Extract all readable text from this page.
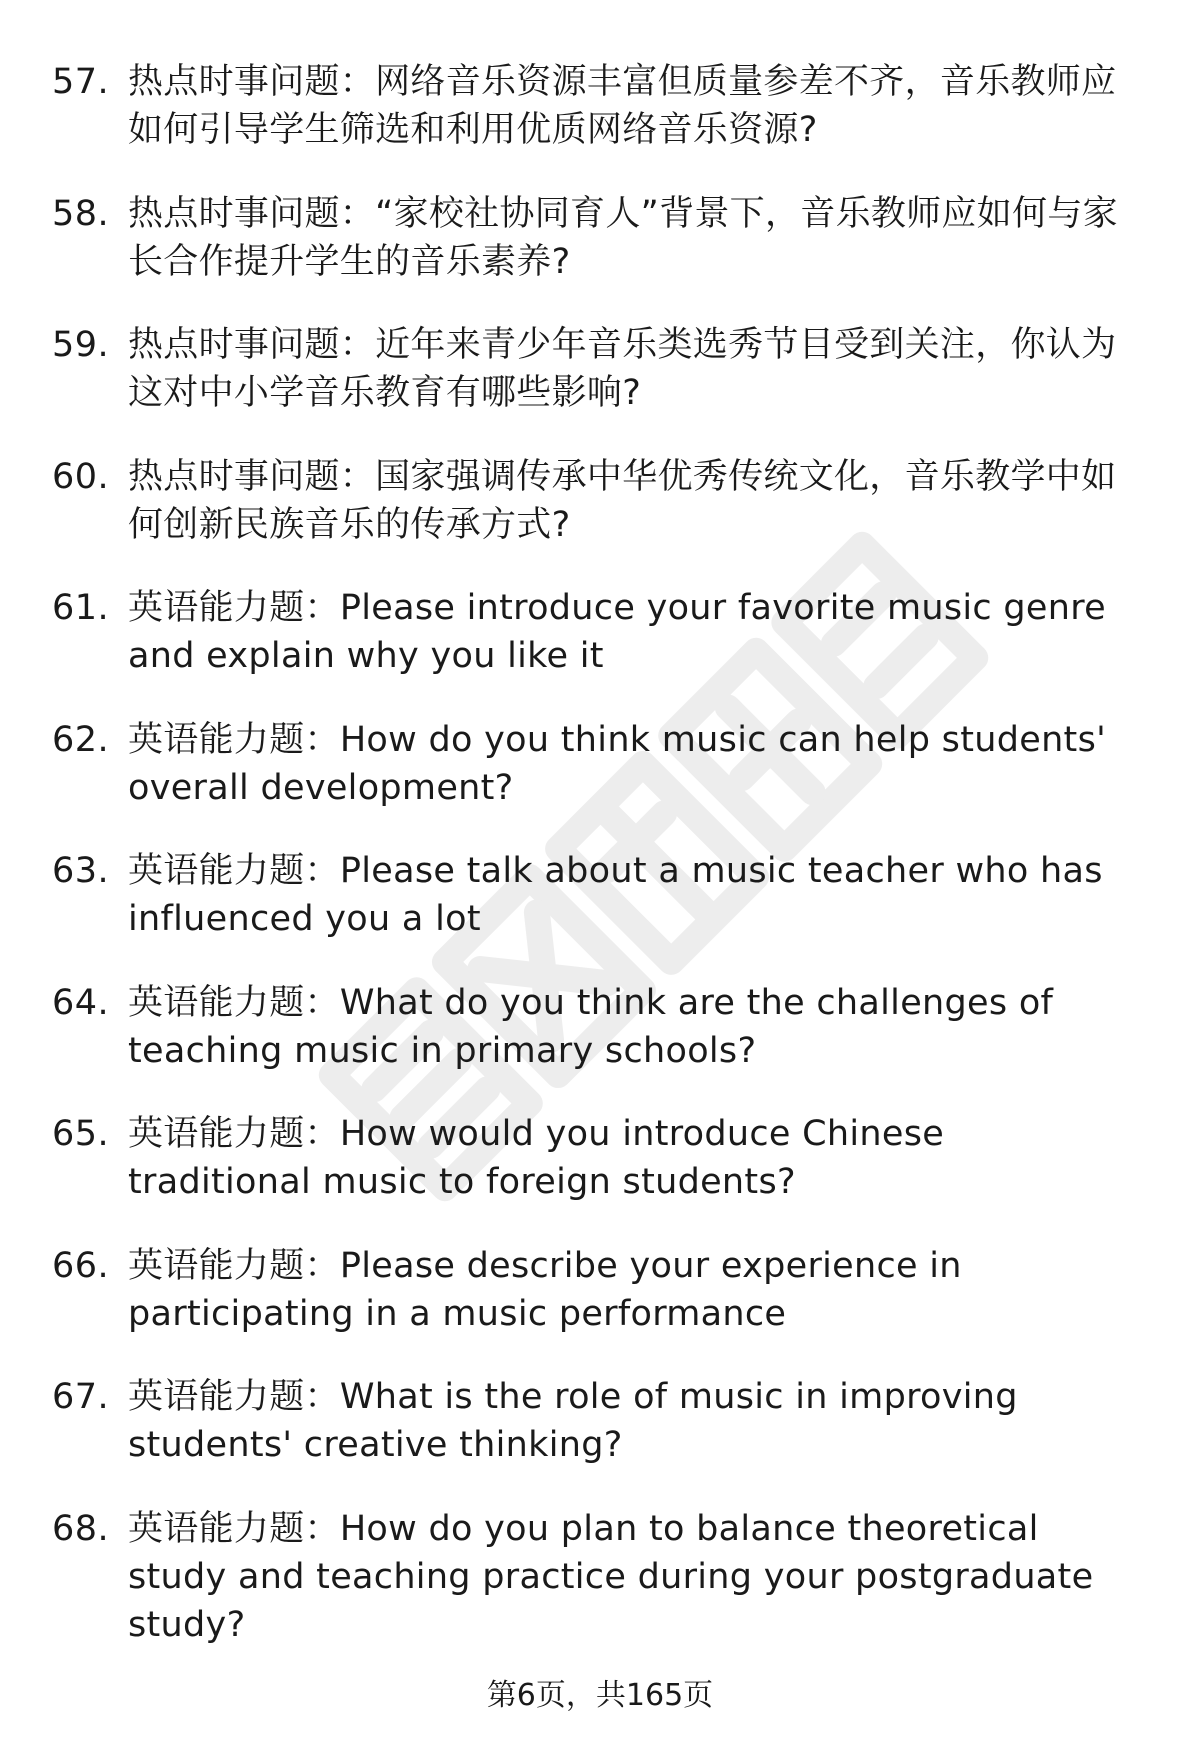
57. 热点时事问题：网络音乐资源丰富但质量参差不齐，音乐教师应如何引导学生筛选和利用优质网络音乐资源?
58. 热点时事问题：“家校社协同育人”背景下，音乐教师应如何与家长合作提升学生的音乐素养?
59. 热点时事问题：近年来青少年音乐类选秀节目受到关注，你认为这对中小学音乐教育有哪些影响?
60. 热点时事问题：国家强调传承中华优秀传统文化，音乐教学中如何创新民族音乐的传承方式?
61. 英语能力题：Please introduce your favorite music genre and explain why you like it
62. 英语能力题：How do you think music can help students' overall development?
63. 英语能力题：Please talk about a music teacher who has influenced you a lot
64. 英语能力题：What do you think are the challenges of teaching music in primary schools?
65. 英语能力题：How would you introduce Chinese traditional music to foreign students?
66. 英语能力题：Please describe your experience in participating in a music performance
67. 英语能力题：What is the role of music in improving students' creative thinking?
68. 英语能力题：How do you plan to balance theoretical study and teaching practice during your postgraduate study?
第6页，共165页
